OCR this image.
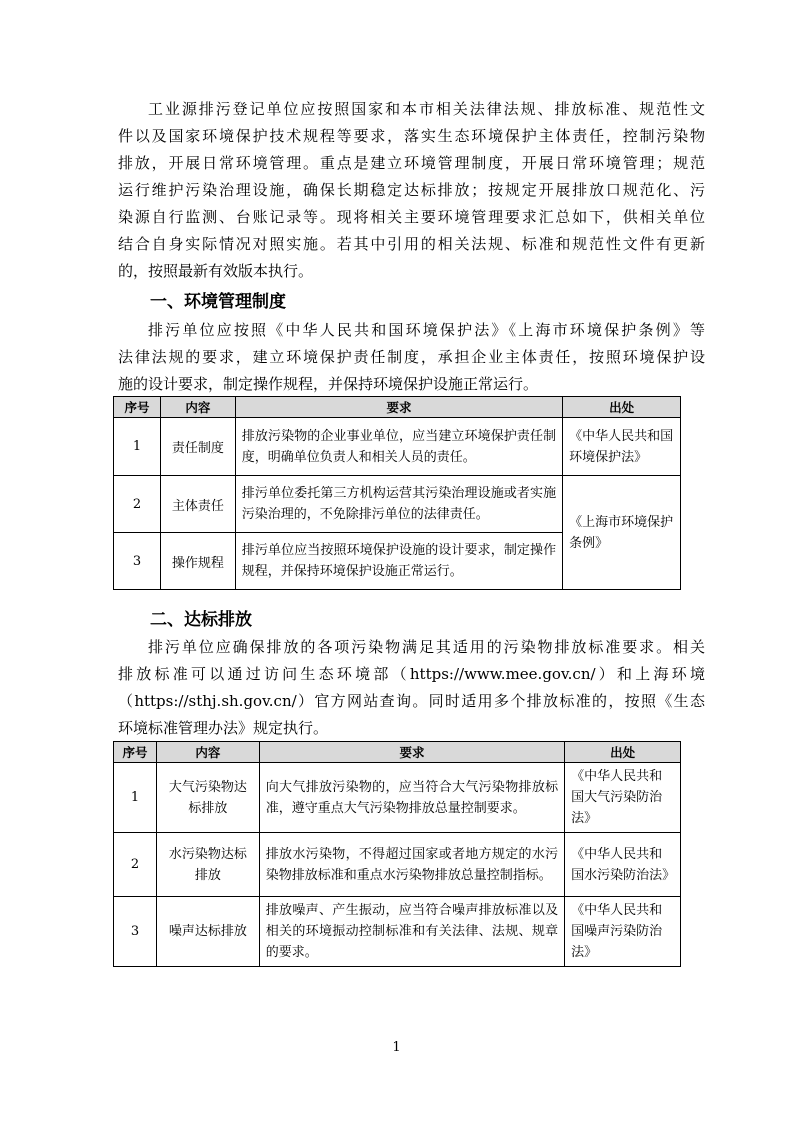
工业源排污登记单位应按照国家和本市相关法律法规、排放标准、规范性文
件以及国家环境保护技术规程等要求，落实生态环境保护主体责任，控制污染物
排放，开展日常环境管理。重点是建立环境管理制度，开展日常环境管理；规范
运行维护污染治理设施，确保长期稳定达标排放；按规定开展排放口规范化、污
染源自行监测、台账记录等。现将相关主要环境管理要求汇总如下，供相关单位
结合自身实际情况对照实施。若其中引用的相关法规、标准和规范性文件有更新
的，按照最新有效版本执行。
一、环境管理制度
排污单位应按照《中华人民共和国环境保护法》《上海市环境保护条例》等
法律法规的要求，建立环境保护责任制度，承担企业主体责任，按照环境保护设
施的设计要求，制定操作规程，并保持环境保护设施正常运行。
序号	内容	要求	出处
1	责任制度	排放污染物的企业事业单位，应当建立环境保护责任制度，明确单位负责人和相关人员的责任。	《中华人民共和国环境保护法》
2	主体责任	排污单位委托第三方机构运营其污染治理设施或者实施污染治理的，不免除排污单位的法律责任。	《上海市环境保护条例》
3	操作规程	排污单位应当按照环境保护设施的设计要求，制定操作规程，并保持环境保护设施正常运行。	
二、达标排放
排污单位应确保排放的各项污染物满足其适用的污染物排放标准要求。相关
排放标准可以通过访问生态环境部（https://www.mee.gov.cn/）和上海环境
（https://sthj.sh.gov.cn/）官方网站查询。同时适用多个排放标准的，按照《生态
环境标准管理办法》规定执行。
序号	内容	要求	出处
1	大气污染物达标排放	向大气排放污染物的，应当符合大气污染物排放标准，遵守重点大气污染物排放总量控制要求。	《中华人民共和国大气污染防治法》
2	水污染物达标排放	排放水污染物，不得超过国家或者地方规定的水污染物排放标准和重点水污染物排放总量控制指标。	《中华人民共和国水污染防治法》
3	噪声达标排放	排放噪声、产生振动，应当符合噪声排放标准以及相关的环境振动控制标准和有关法律、法规、规章的要求。	《中华人民共和国噪声污染防治法》
1
